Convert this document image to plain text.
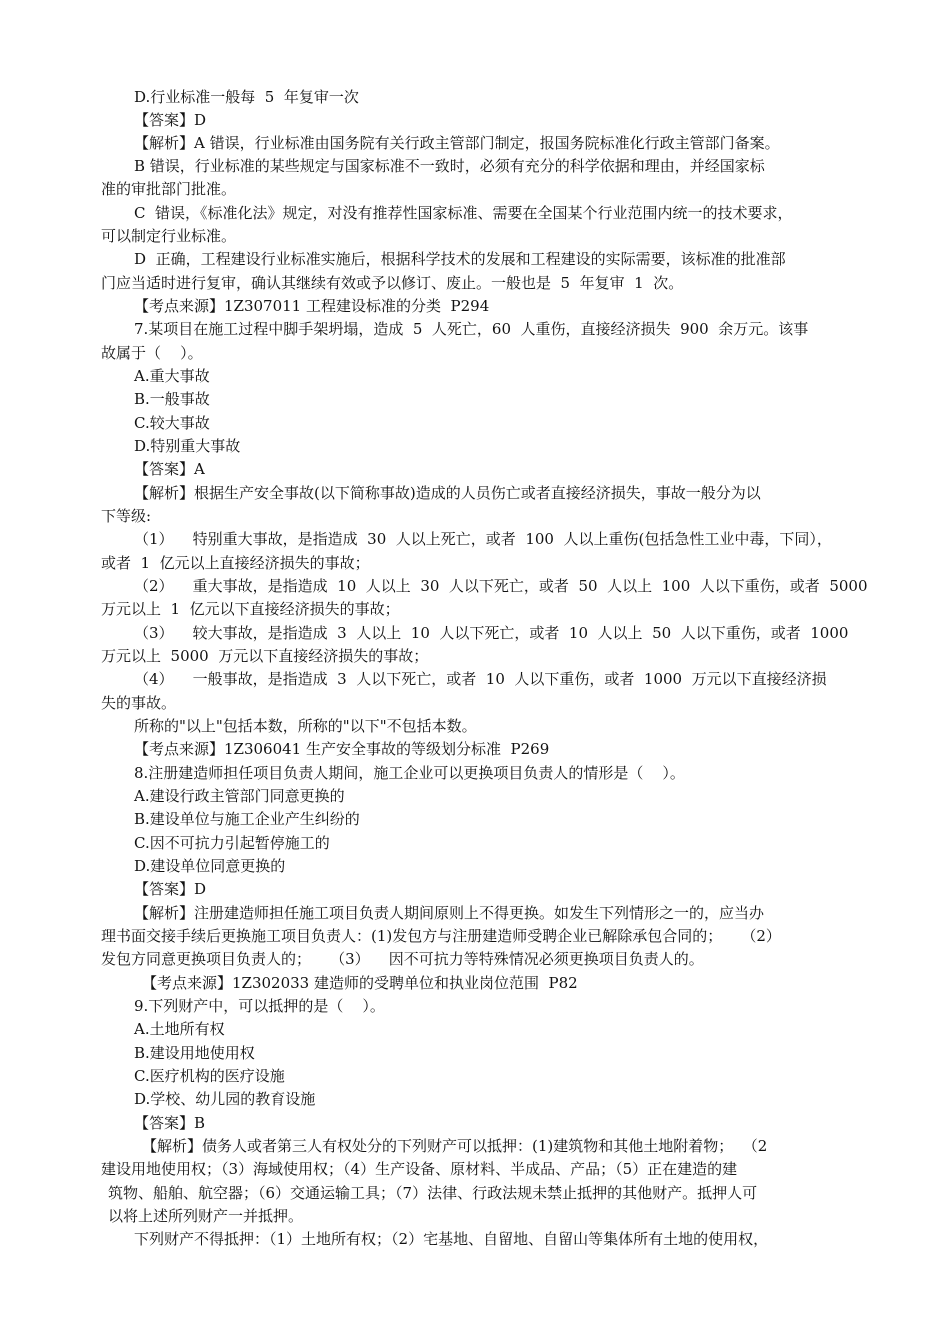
D.行业标准一般每  5  年复审一次
【答案】D
【解析】A 错误，行业标准由国务院有关行政主管部门制定，报国务院标准化行政主管部门备案。
B 错误，行业标准的某些规定与国家标准不一致时，必须有充分的科学依据和理由，并经国家标
准的审批部门批准。
C  错误，《标准化法》规定，对没有推荐性国家标准、需要在全国某个行业范围内统一的技术要求，
可以制定行业标准。
D  正确，工程建设行业标准实施后，根据科学技术的发展和工程建设的实际需要，该标准的批准部
门应当适时进行复审，确认其继续有效或予以修订、废止。一般也是  5  年复审  1  次。
【考点来源】1Z307011 工程建设标准的分类  P294
7.某项目在施工过程中脚手架坍塌，造成  5  人死亡，60  人重伤，直接经济损失  900  余万元。该事
故属于（    ）。
A.重大事故
B.一般事故
C.较大事故
D.特别重大事故
【答案】A
【解析】根据生产安全事故(以下简称事故)造成的人员伤亡或者直接经济损失，事故一般分为以
下等级:
（1）    特别重大事故，是指造成  30  人以上死亡，或者  100  人以上重伤(包括急性工业中毒，下同），
或者  1  亿元以上直接经济损失的事故；
（2）    重大事故，是指造成  10  人以上  30  人以下死亡，或者  50  人以上  100  人以下重伤，或者  5000
万元以上  1  亿元以下直接经济损失的事故；
（3）    较大事故，是指造成  3  人以上  10  人以下死亡，或者  10  人以上  50  人以下重伤，或者  1000
万元以上  5000  万元以下直接经济损失的事故；
（4）    一般事故，是指造成  3  人以下死亡，或者  10  人以下重伤，或者  1000  万元以下直接经济损
失的事故。
所称的"以上"包括本数，所称的"以下"不包括本数。
【考点来源】1Z306041 生产安全事故的等级划分标准  P269
8.注册建造师担任项目负责人期间，施工企业可以更换项目负责人的情形是（    ）。
A.建设行政主管部门同意更换的
B.建设单位与施工企业产生纠纷的
C.因不可抗力引起暂停施工的
D.建设单位同意更换的
【答案】D
【解析】注册建造师担任施工项目负责人期间原则上不得更换。如发生下列情形之一的，应当办
理书面交接手续后更换施工项目负责人：(1)发包方与注册建造师受聘企业已解除承包合同的；    （2）
发包方同意更换项目负责人的；    （3）    因不可抗力等特殊情况必须更换项目负责人的。
【考点来源】1Z302033 建造师的受聘单位和执业岗位范围  P82
9.下列财产中，可以抵押的是（    ）。
A.土地所有权
B.建设用地使用权
C.医疗机构的医疗设施
D.学校、幼儿园的教育设施
【答案】B
【解析】债务人或者第三人有权处分的下列财产可以抵押：(1)建筑物和其他土地附着物；  （2
建设用地使用权；（3）海域使用权；（4）生产设备、原材料、半成品、产品；（5）正在建造的建
筑物、船舶、航空器；（6）交通运输工具；（7）法律、行政法规未禁止抵押的其他财产。抵押人可
以将上述所列财产一并抵押。
下列财产不得抵押：（1）土地所有权；（2）宅基地、自留地、自留山等集体所有土地的使用权，
